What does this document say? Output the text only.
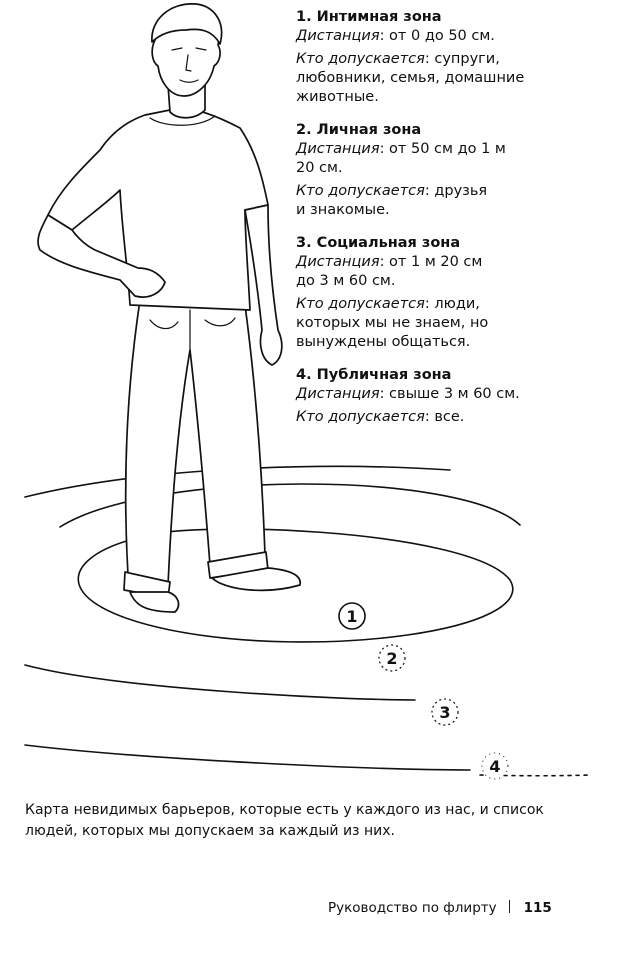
1
2
3
4
1. Интимная зона
Дистанция: от 0 до 50 см.
Кто допускается: супруги,
любовники, семья, домашние
животные.
2. Личная зона
Дистанция: от 50 см до 1 м
20 см.
Кто допускается: друзья
и знакомые.
3. Социальная зона
Дистанция: от 1 м 20 см
до 3 м 60 см.
Кто допускается: люди,
которых мы не знаем, но
вынуждены общаться.
4. Публичная зона
Дистанция: свыше 3 м 60 см.
Кто допускается: все.
Карта невидимых барьеров, которые есть у каждого из нас, и список
людей, которых мы допускаем за каждый из них.
Руководство по флирту 115
